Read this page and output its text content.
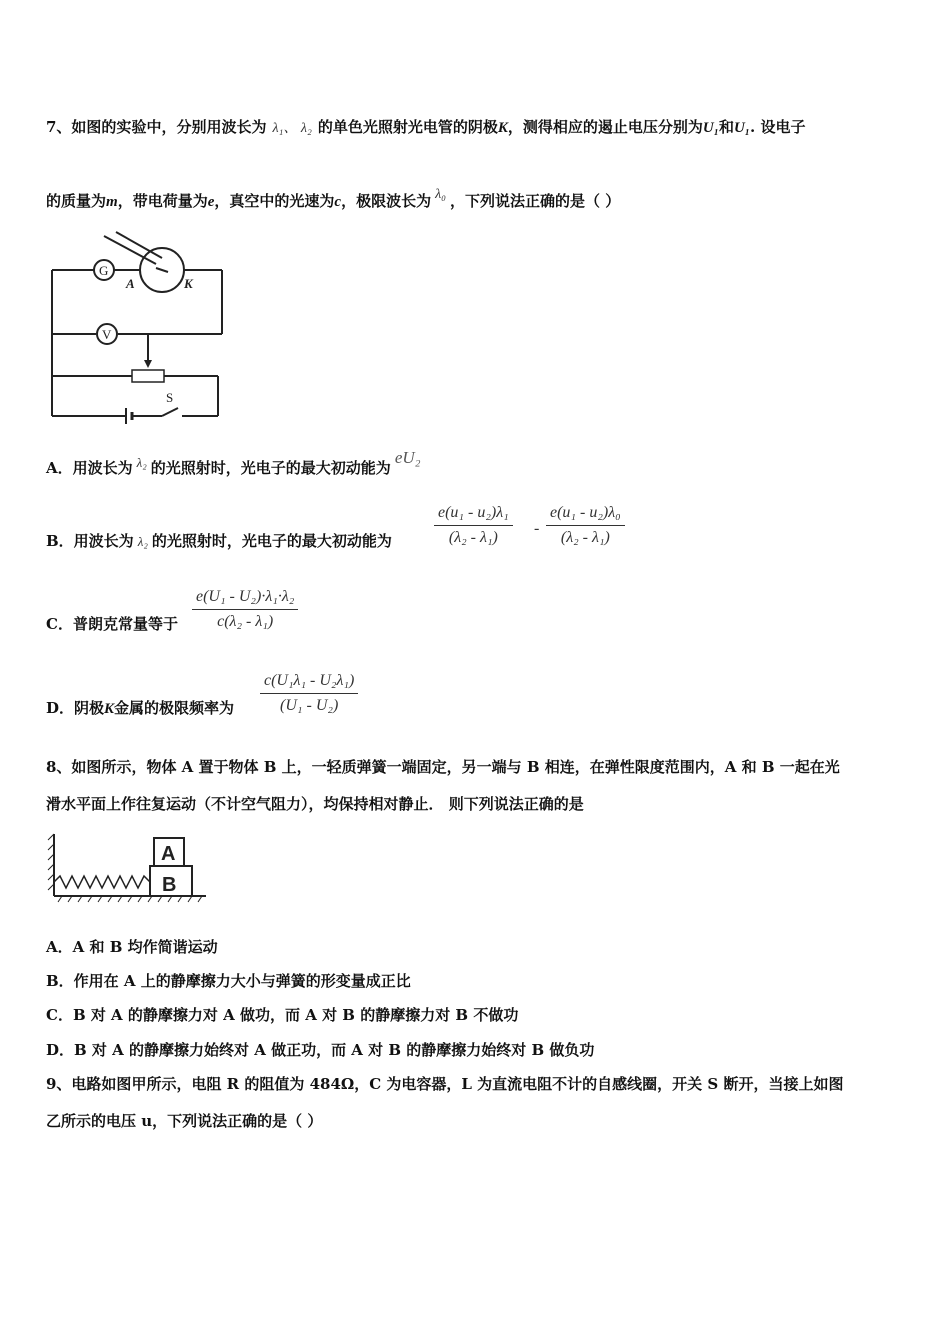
7、如图的实验中，分别用波长为 λ₁、 λ₂ 的单色光照射光电管的阴极K，测得相应的遏止电压分别为U₁和U₁. 设电子
的质量为m，带电荷量为e，真空中的光速为c，极限波长为 λ₀ ，下列说法正确的是（ ）
G
V
A	K
S
A．用波长为 λ₂ 的光照射时，光电子的最大初动能为eU₂
B．用波长为 λ₂ 的光照射时，光电子的最大初动能为
e(u₁ - u₂)λ₁
(λ₂ - λ₁)
-
e(u₁ - u₂)λ₀
(λ₂ - λ₁)
C．普朗克常量等于
e(U₁ - U₂)·λ₁·λ₂
c(λ₂ - λ₁)
D．阴极K金属的极限频率为
c(U₁λ₁ - U₂λ₁)
(U₁ - U₂)
8、如图所示，物体 A 置于物体 B 上，一轻质弹簧一端固定，另一端与 B 相连，在弹性限度范围内，A 和 B 一起在光
滑水平面上作往复运动（不计空气阻力），均保持相对静止． 则下列说法正确的是
A
B
A．A 和 B 均作简谐运动
B．作用在 A 上的静摩擦力大小与弹簧的形变量成正比
C．B 对 A 的静摩擦力对 A 做功，而 A 对 B 的静摩擦力对 B 不做功
D．B 对 A 的静摩擦力始终对 A 做正功，而 A 对 B 的静摩擦力始终对 B 做负功
9、电路如图甲所示，电阻 R 的阻值为 484Ω，C 为电容器，L 为直流电阻不计的自感线圈，开关 S 断开，当接上如图
乙所示的电压 u，下列说法正确的是（ ）
